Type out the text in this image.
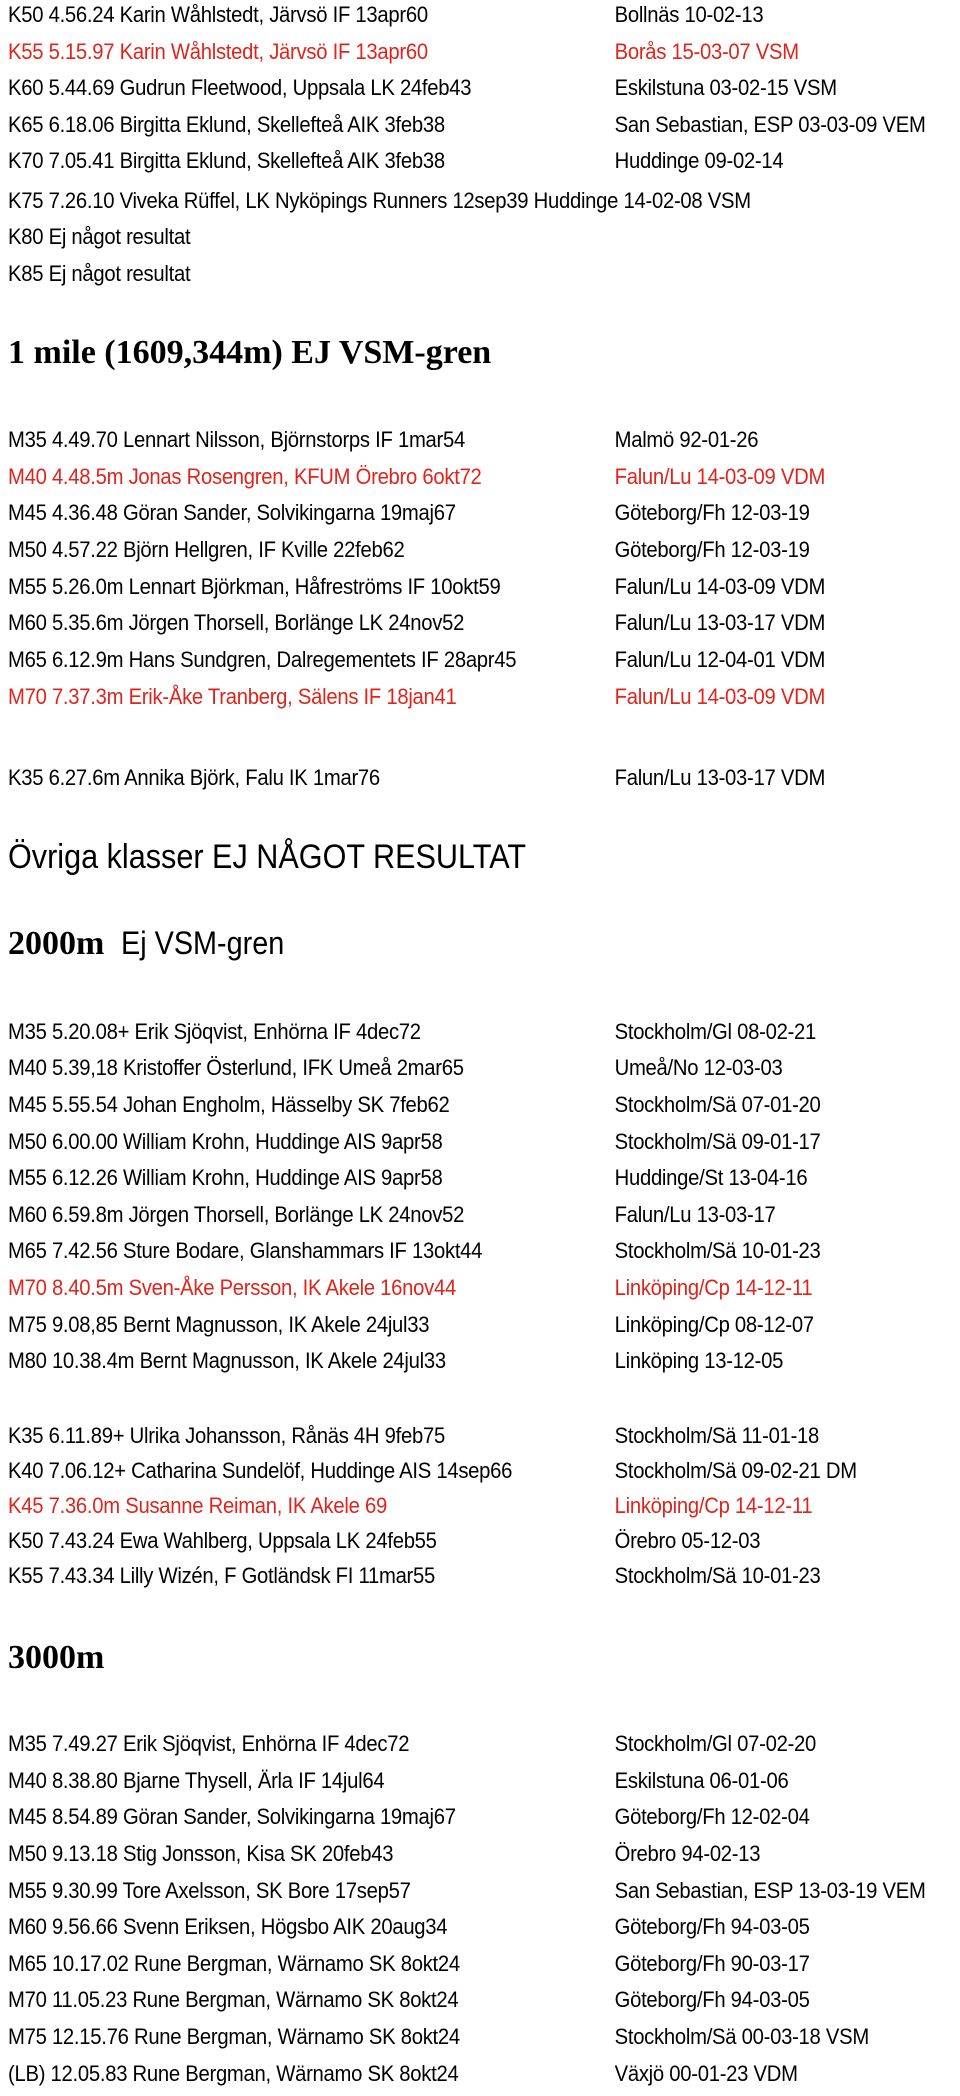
K50 4.56.24 Karin Wåhlstedt, Järvsö IF 13apr60	Bollnäs 10-02-13
K55 5.15.97 Karin Wåhlstedt, Järvsö IF 13apr60	Borås 15-03-07 VSM
K60 5.44.69 Gudrun Fleetwood, Uppsala LK 24feb43	Eskilstuna 03-02-15 VSM
K65 6.18.06 Birgitta Eklund, Skellefteå AIK 3feb38	San Sebastian, ESP 03-03-09 VEM
K70 7.05.41 Birgitta Eklund, Skellefteå AIK 3feb38	Huddinge 09-02-14
K75 7.26.10 Viveka Rüffel, LK Nyköpings Runners 12sep39 Huddinge 14-02-08 VSM
K80 Ej något resultat
K85 Ej något resultat
1 mile (1609,344m) EJ VSM-gren
M35 4.49.70 Lennart Nilsson, Björnstorps IF 1mar54	Malmö 92-01-26
M40 4.48.5m Jonas Rosengren, KFUM Örebro 6okt72	Falun/Lu 14-03-09 VDM
M45 4.36.48 Göran Sander, Solvikingarna 19maj67	Göteborg/Fh 12-03-19
M50 4.57.22 Björn Hellgren, IF Kville 22feb62	Göteborg/Fh 12-03-19
M55 5.26.0m Lennart Björkman, Håfreströms IF 10okt59	Falun/Lu 14-03-09 VDM
M60 5.35.6m Jörgen Thorsell, Borlänge LK 24nov52	Falun/Lu 13-03-17 VDM
M65 6.12.9m Hans Sundgren, Dalregementets IF 28apr45	Falun/Lu 12-04-01 VDM
M70 7.37.3m Erik-Åke Tranberg, Sälens IF 18jan41	Falun/Lu 14-03-09 VDM
K35 6.27.6m Annika Björk, Falu IK 1mar76	Falun/Lu 13-03-17 VDM
Övriga klasser EJ NÅGOT RESULTAT
2000m Ej VSM-gren
M35 5.20.08+ Erik Sjöqvist, Enhörna IF 4dec72	Stockholm/Gl 08-02-21
M40 5.39,18 Kristoffer Österlund, IFK Umeå 2mar65	Umeå/No 12-03-03
M45 5.55.54 Johan Engholm, Hässelby SK 7feb62	Stockholm/Sä 07-01-20
M50 6.00.00 William Krohn, Huddinge AIS 9apr58	Stockholm/Sä 09-01-17
M55 6.12.26 William Krohn, Huddinge AIS 9apr58	Huddinge/St 13-04-16
M60 6.59.8m Jörgen Thorsell, Borlänge LK 24nov52	Falun/Lu 13-03-17
M65 7.42.56 Sture Bodare, Glanshammars IF 13okt44	Stockholm/Sä 10-01-23
M70 8.40.5m Sven-Åke Persson, IK Akele 16nov44	Linköping/Cp 14-12-11
M75 9.08,85 Bernt Magnusson, IK Akele 24jul33	Linköping/Cp 08-12-07
M80 10.38.4m Bernt Magnusson, IK Akele 24jul33	Linköping 13-12-05
K35 6.11.89+ Ulrika Johansson, Rånäs 4H 9feb75	Stockholm/Sä 11-01-18
K40 7.06.12+ Catharina Sundelöf, Huddinge AIS 14sep66	Stockholm/Sä 09-02-21 DM
K45 7.36.0m Susanne Reiman, IK Akele 69	Linköping/Cp 14-12-11
K50 7.43.24 Ewa Wahlberg, Uppsala LK 24feb55	Örebro 05-12-03
K55 7.43.34 Lilly Wizén, F Gotländsk FI 11mar55	Stockholm/Sä 10-01-23
3000m
M35 7.49.27 Erik Sjöqvist, Enhörna IF 4dec72	Stockholm/Gl 07-02-20
M40 8.38.80 Bjarne Thysell, Ärla IF 14jul64	Eskilstuna 06-01-06
M45 8.54.89 Göran Sander, Solvikingarna 19maj67	Göteborg/Fh 12-02-04
M50 9.13.18 Stig Jonsson, Kisa SK 20feb43	Örebro 94-02-13
M55 9.30.99 Tore Axelsson, SK Bore 17sep57	San Sebastian, ESP 13-03-19 VEM
M60 9.56.66 Svenn Eriksen, Högsbo AIK 20aug34	Göteborg/Fh 94-03-05
M65 10.17.02 Rune Bergman, Wärnamo SK 8okt24	Göteborg/Fh 90-03-17
M70 11.05.23 Rune Bergman, Wärnamo SK 8okt24	Göteborg/Fh 94-03-05
M75 12.15.76 Rune Bergman, Wärnamo SK 8okt24	Stockholm/Sä 00-03-18 VSM
(LB) 12.05.83 Rune Bergman, Wärnamo SK 8okt24	Växjö 00-01-23 VDM
